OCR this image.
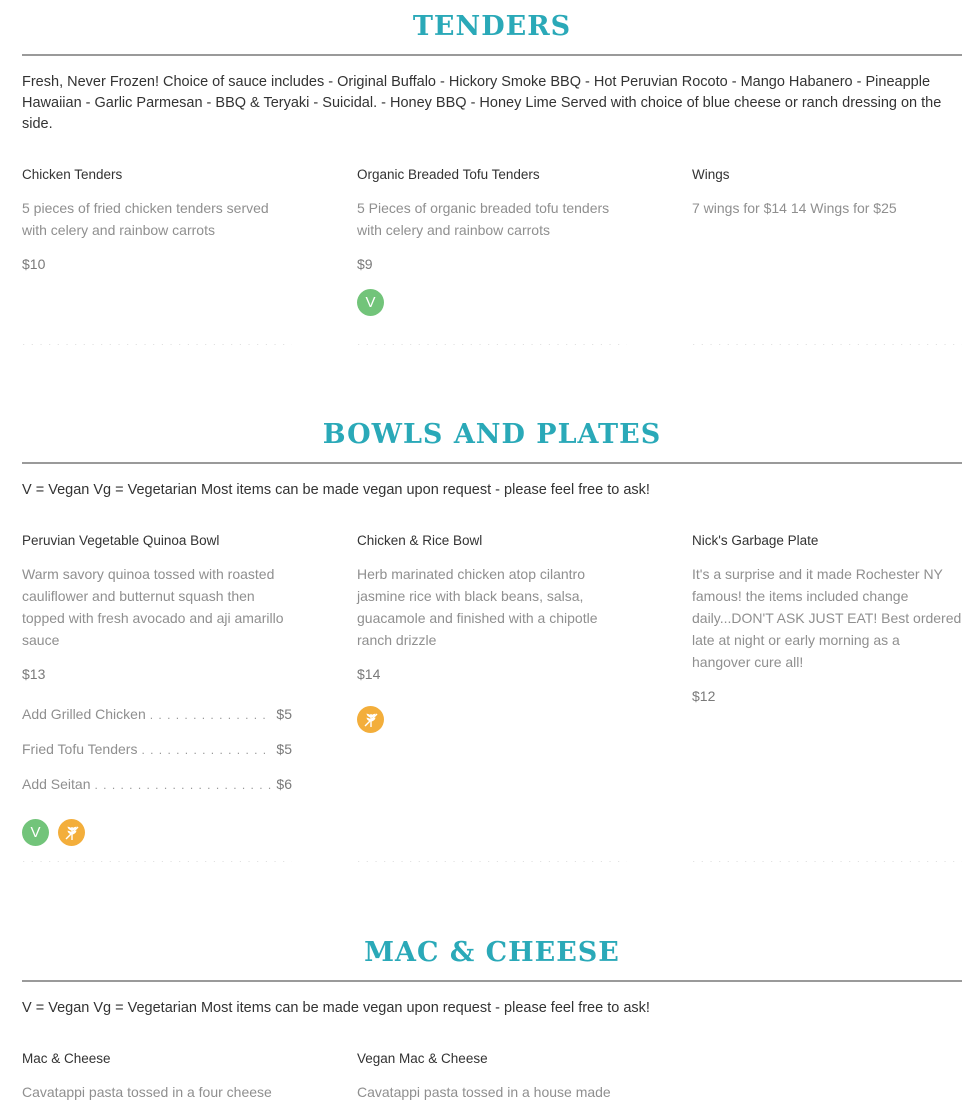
TENDERS
Fresh, Never Frozen! Choice of sauce includes - Original Buffalo - Hickory Smoke BBQ - Hot Peruvian Rocoto - Mango Habanero - Pineapple Hawaiian - Garlic Parmesan - BBQ & Teryaki - Suicidal. - Honey BBQ - Honey Lime Served with choice of blue cheese or ranch dressing on the side.
Chicken Tenders
5 pieces of fried chicken tenders served with celery and rainbow carrots
$10
Organic Breaded Tofu Tenders
5 Pieces of organic breaded tofu tenders with celery and rainbow carrots
$9
V
Wings
7 wings for $14 14 Wings for $25
. . .
. . .
. . .
BOWLS AND PLATES
V = Vegan Vg = Vegetarian Most items can be made vegan upon request - please feel free to ask!
Peruvian Vegetable Quinoa Bowl
Warm savory quinoa tossed with roasted cauliflower and butternut squash then topped with fresh avocado and aji amarillo sauce
$13
Add Grilled Chicken . . .	$5
Fried Tofu Tenders . . .	$5
Add Seitan . . .	$6
V
Chicken & Rice Bowl
Herb marinated chicken atop cilantro jasmine rice with black beans, salsa, guacamole and finished with a chipotle ranch drizzle
$14
Nick's Garbage Plate
It's a surprise and it made Rochester NY famous! the items included change daily...DON'T ASK JUST EAT! Best ordered late at night or early morning as a hangover cure all!
$12
. . .
. . .
. . .
MAC & CHEESE
V = Vegan Vg = Vegetarian Most items can be made vegan upon request - please feel free to ask!
Mac & Cheese
Cavatappi pasta tossed in a four cheese
Vegan Mac & Cheese
Cavatappi pasta tossed in a house made
